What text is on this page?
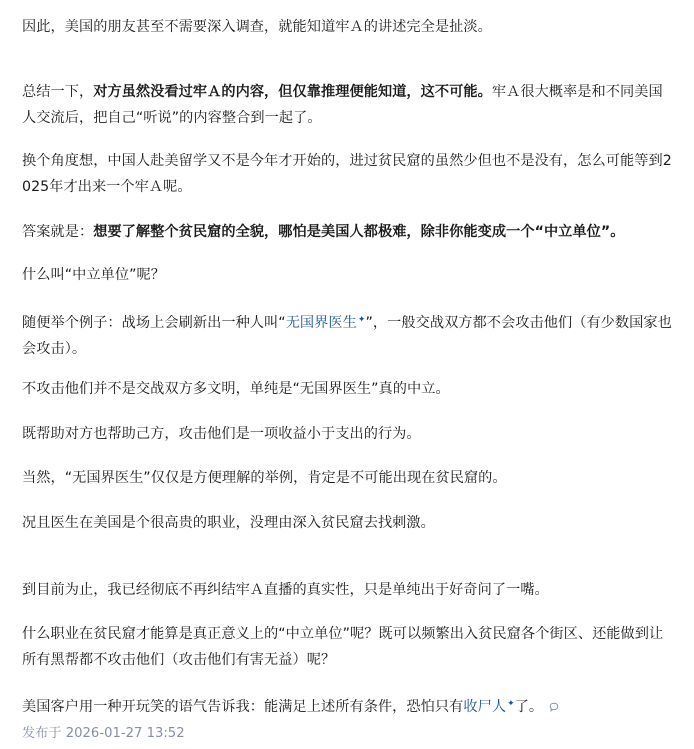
因此，美国的朋友甚至不需要深入调查，就能知道牢Ａ的讲述完全是扯淡。

总结一下，对方虽然没看过牢Ａ的内容，但仅靠推理便能知道，这不可能。牢Ａ很大概率是和不同美国人交流后，把自己“听说”的内容整合到一起了。

换个角度想，中国人赴美留学又不是今年才开始的，进过贫民窟的虽然少但也不是没有，怎么可能等到2025年才出来一个牢Ａ呢。

答案就是：想要了解整个贫民窟的全貌，哪怕是美国人都极难，除非你能变成一个“中立单位”。

什么叫“中立单位”呢？

随便举个例子：战场上会刷新出一种人叫“无国界医生✦”，一般交战双方都不会攻击他们（有少数国家也会攻击）。

不攻击他们并不是交战双方多文明，单纯是“无国界医生”真的中立。

既帮助对方也帮助己方，攻击他们是一项收益小于支出的行为。

当然，“无国界医生”仅仅是方便理解的举例，肯定是不可能出现在贫民窟的。

况且医生在美国是个很高贵的职业，没理由深入贫民窟去找刺激。

到目前为止，我已经彻底不再纠结牢Ａ直播的真实性，只是单纯出于好奇问了一嘴。

什么职业在贫民窟才能算是真正意义上的“中立单位”呢？既可以频繁出入贫民窟各个街区、还能做到让所有黑帮都不攻击他们（攻击他们有害无益）呢？

美国客户用一种开玩笑的语气告诉我：能满足上述所有条件，恐怕只有收尸人✦了。

发布于 2026-01-27 13:52
